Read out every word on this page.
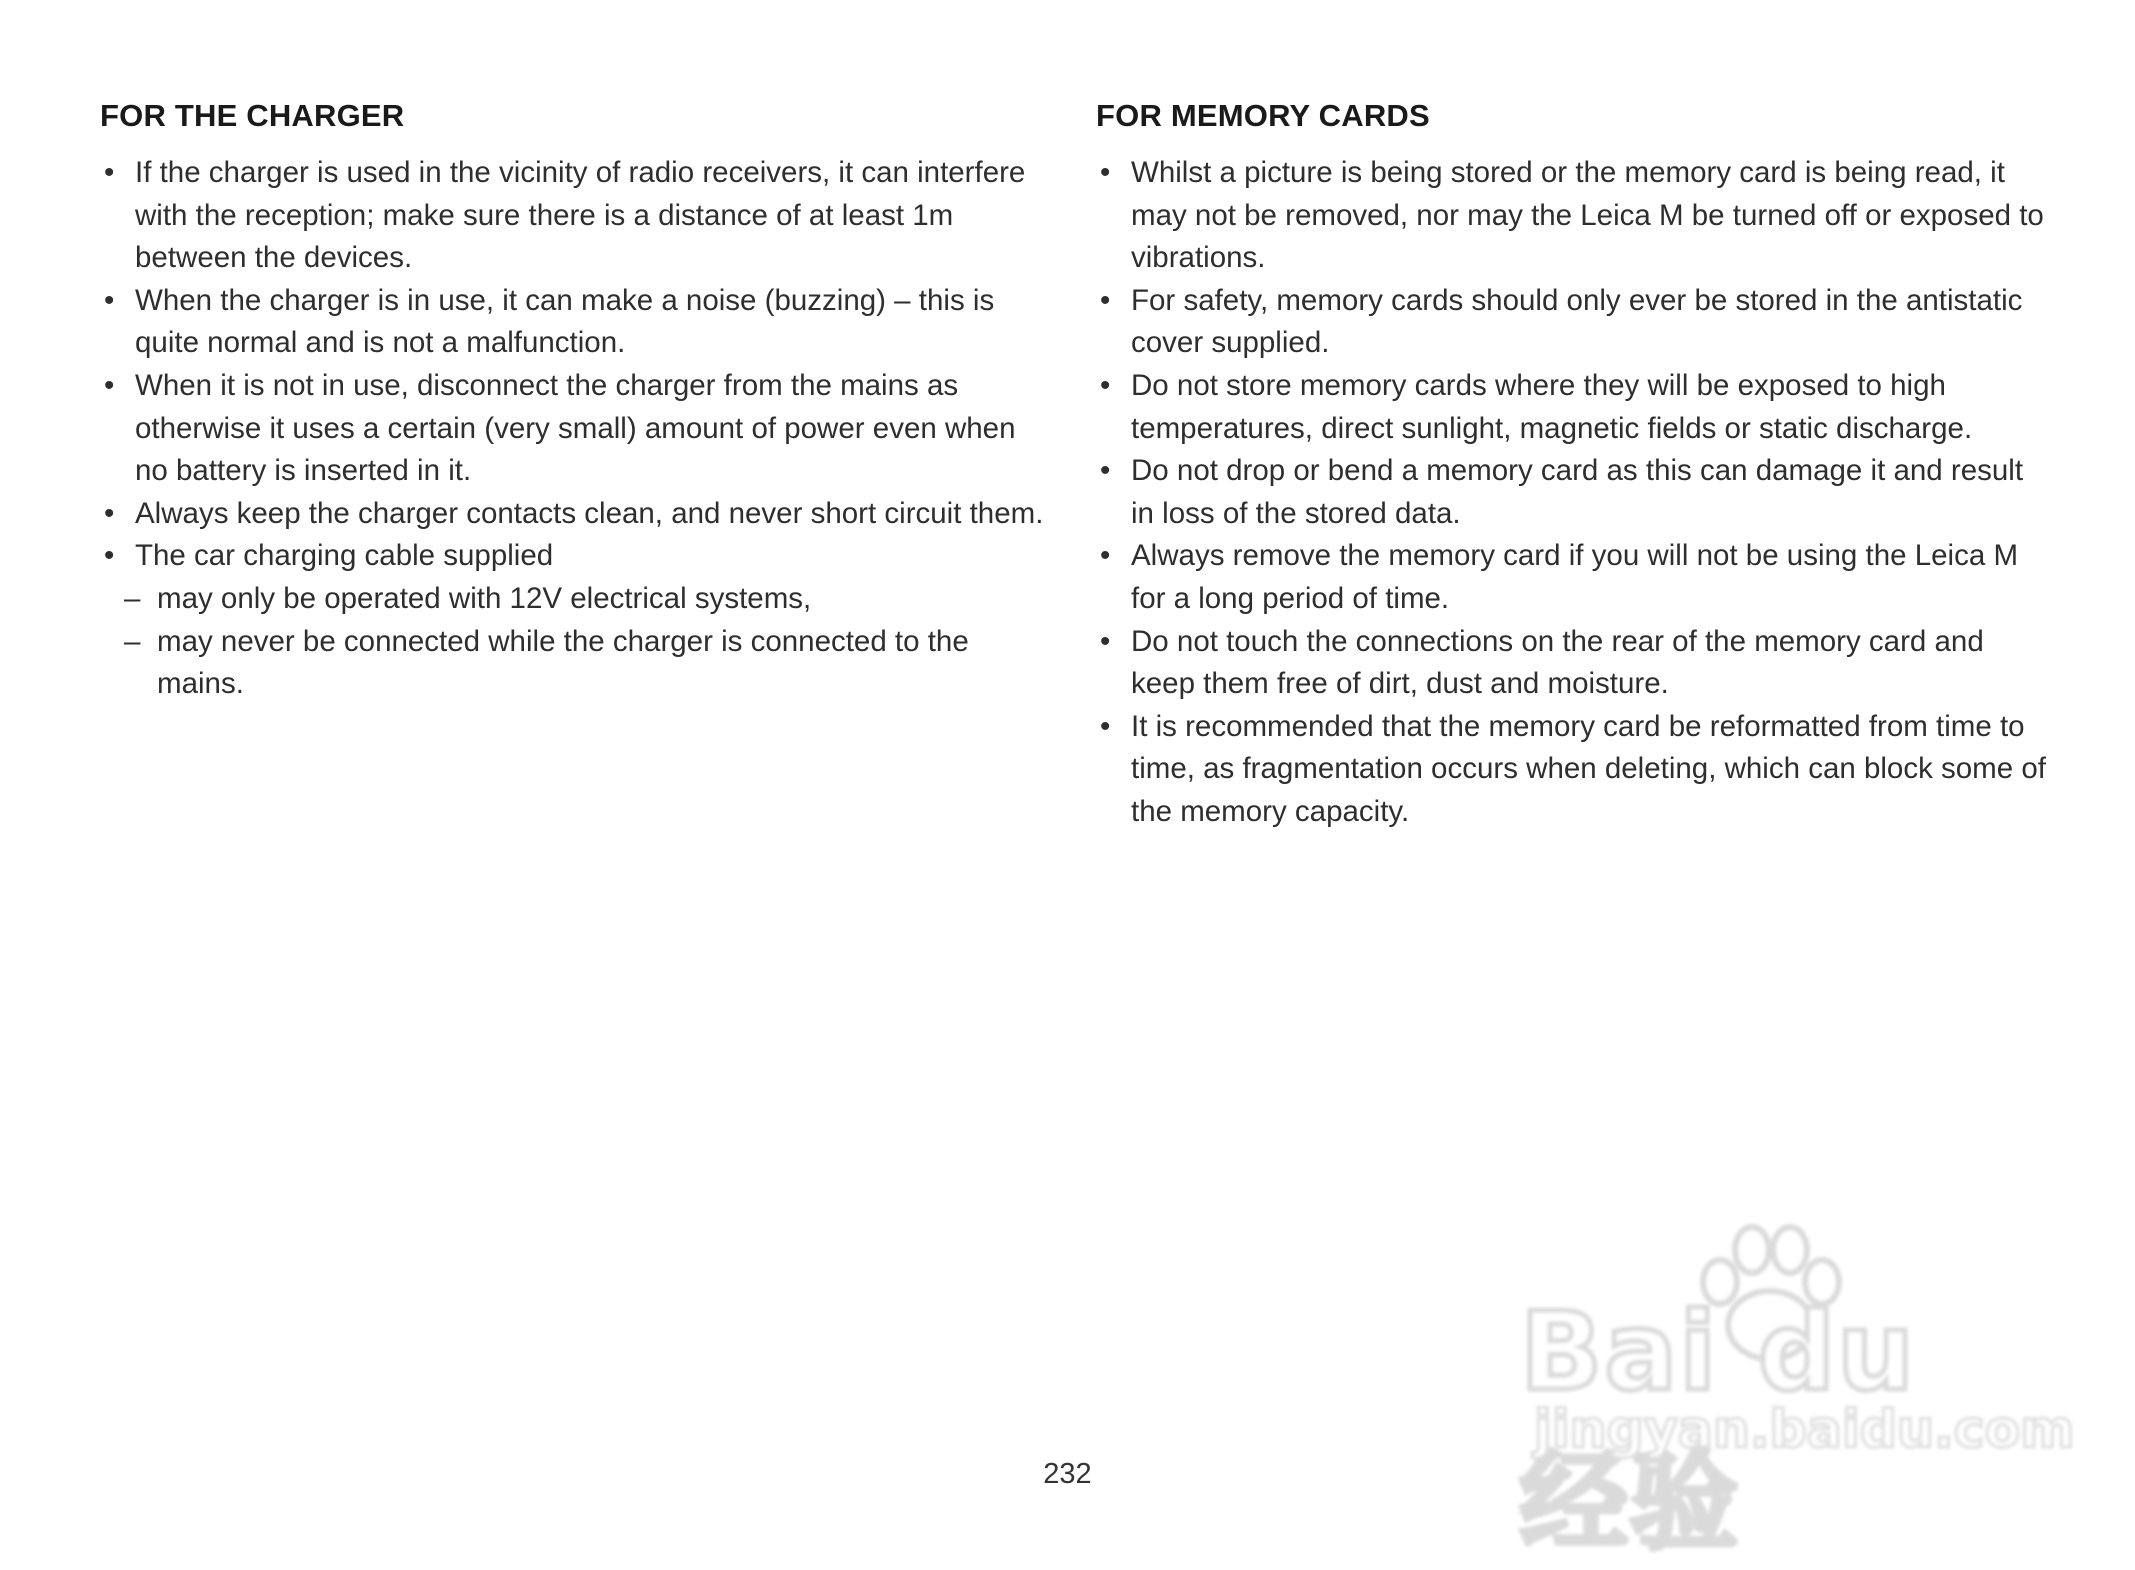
FOR THE CHARGER
• If the charger is used in the vicinity of radio receivers, it can interfere with the reception; make sure there is a distance of at least 1m between the devices.
• When the charger is in use, it can make a noise (buzzing) – this is quite normal and is not a malfunction.
• When it is not in use, disconnect the charger from the mains as otherwise it uses a certain (very small) amount of power even when no battery is inserted in it.
• Always keep the charger contacts clean, and never short circuit them.
• The car charging cable supplied
– may only be operated with 12V electrical systems,
– may never be connected while the charger is connected to the mains.
FOR MEMORY CARDS
• Whilst a picture is being stored or the memory card is being read, it may not be removed, nor may the Leica M be turned off or exposed to vibrations.
• For safety, memory cards should only ever be stored in the antistatic cover supplied.
• Do not store memory cards where they will be exposed to high temperatures, direct sunlight, magnetic fields or static discharge.
• Do not drop or bend a memory card as this can damage it and result in loss of the stored data.
• Always remove the memory card if you will not be using the Leica M for a long period of time.
• Do not touch the connections on the rear of the memory card and keep them free of dirt, dust and moisture.
• It is recommended that the memory card be reformatted from time to time, as fragmentation occurs when deleting, which can block some of the memory capacity.
232
Bai du 经验
jingyan.baidu.com
